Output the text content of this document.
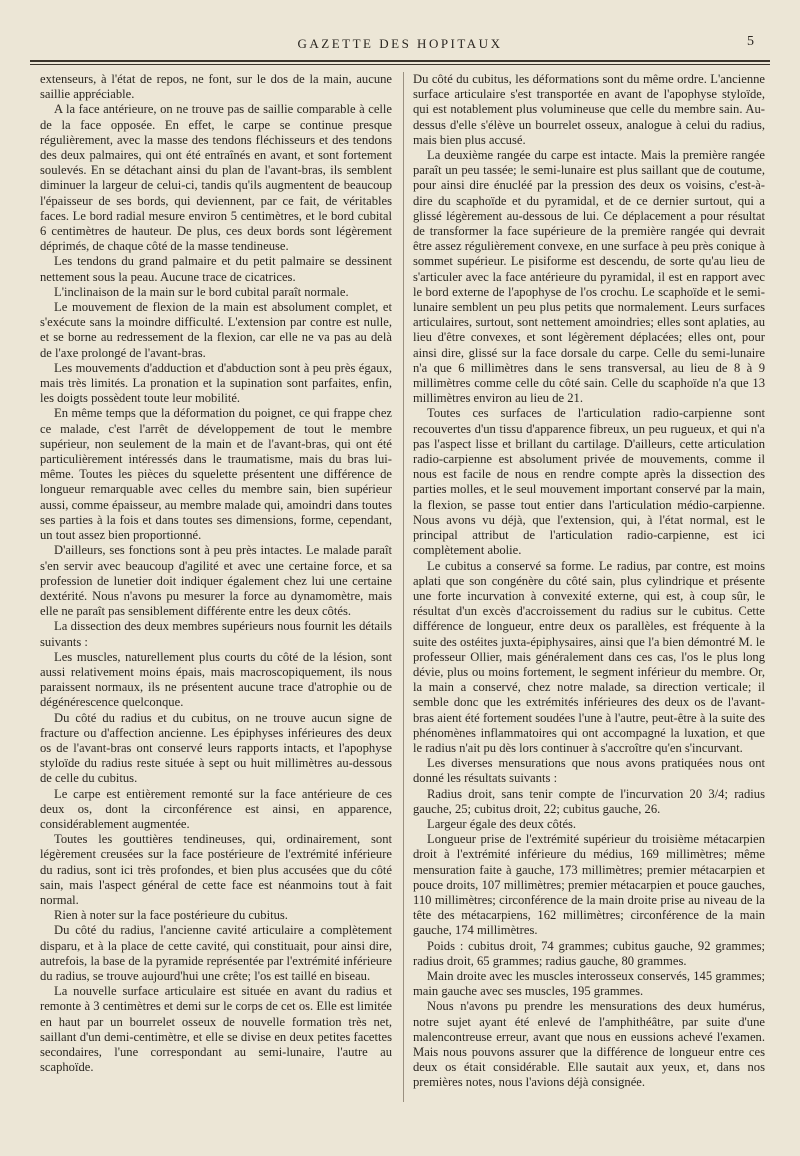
GAZETTE DES HOPITAUX	5

extenseurs, à l'état de repos, ne font, sur le dos de la main, aucune saillie appréciable.

A la face antérieure, on ne trouve pas de saillie comparable à celle de la face opposée. En effet, le carpe se continue presque régulièrement, avec la masse des tendons fléchisseurs et des tendons des deux palmaires, qui ont été entraînés en avant, et sont fortement soulevés. En se détachant ainsi du plan de l'avant-bras, ils semblent diminuer la largeur de celui-ci, tandis qu'ils augmentent de beaucoup l'épaisseur de ses bords, qui deviennent, par ce fait, de véritables faces. Le bord radial mesure environ 5 centimètres, et le bord cubital 6 centimètres de hauteur. De plus, ces deux bords sont légèrement déprimés, de chaque côté de la masse tendineuse.

Les tendons du grand palmaire et du petit palmaire se dessinent nettement sous la peau. Aucune trace de cicatrices.

L'inclinaison de la main sur le bord cubital paraît normale.

Le mouvement de flexion de la main est absolument complet, et s'exécute sans la moindre difficulté. L'extension par contre est nulle, et se borne au redressement de la flexion, car elle ne va pas au delà de l'axe prolongé de l'avant-bras.

Les mouvements d'adduction et d'abduction sont à peu près égaux, mais très limités. La pronation et la supination sont parfaites, enfin, les doigts possèdent toute leur mobilité.

En même temps que la déformation du poignet, ce qui frappe chez ce malade, c'est l'arrêt de développement de tout le membre supérieur, non seulement de la main et de l'avant-bras, qui ont été particulièrement intéressés dans le traumatisme, mais du bras lui-même. Toutes les pièces du squelette présentent une différence de longueur remarquable avec celles du membre sain, bien supérieur aussi, comme épaisseur, au membre malade qui, amoindri dans toutes ses parties à la fois et dans toutes ses dimensions, forme, cependant, un tout assez bien proportionné.

D'ailleurs, ses fonctions sont à peu près intactes. Le malade paraît s'en servir avec beaucoup d'agilité et avec une certaine force, et sa profession de lunetier doit indiquer également chez lui une certaine dextérité. Nous n'avons pu mesurer la force au dynamomètre, mais elle ne paraît pas sensiblement différente entre les deux côtés.

La dissection des deux membres supérieurs nous fournit les détails suivants :

Les muscles, naturellement plus courts du côté de la lésion, sont aussi relativement moins épais, mais macroscopiquement, ils nous paraissent normaux, ils ne présentent aucune trace d'atrophie ou de dégénérescence quelconque.

Du côté du radius et du cubitus, on ne trouve aucun signe de fracture ou d'affection ancienne. Les épiphyses inférieures des deux os de l'avant-bras ont conservé leurs rapports intacts, et l'apophyse styloïde du radius reste située à sept ou huit millimètres au-dessous de celle du cubitus.

Le carpe est entièrement remonté sur la face antérieure de ces deux os, dont la circonférence est ainsi, en apparence, considérablement augmentée.

Toutes les gouttières tendineuses, qui, ordinairement, sont légèrement creusées sur la face postérieure de l'extrémité inférieure du radius, sont ici très profondes, et bien plus accusées que du côté sain, mais l'aspect général de cette face est néanmoins tout à fait normal.

Rien à noter sur la face postérieure du cubitus.

Du côté du radius, l'ancienne cavité articulaire a complètement disparu, et à la place de cette cavité, qui constituait, pour ainsi dire, autrefois, la base de la pyramide représentée par l'extrémité inférieure du radius, se trouve aujourd'hui une crête; l'os est taillé en biseau.

La nouvelle surface articulaire est située en avant du radius et remonte à 3 centimètres et demi sur le corps de cet os. Elle est limitée en haut par un bourrelet osseux de nouvelle formation très net, saillant d'un demi-centimètre, et elle se divise en deux petites facettes secondaires, l'une correspondant au semi-lunaire, l'autre au scaphoïde.

Du côté du cubitus, les déformations sont du même ordre. L'ancienne surface articulaire s'est transportée en avant de l'apophyse styloïde, qui est notablement plus volumineuse que celle du membre sain. Au-dessus d'elle s'élève un bourrelet osseux, analogue à celui du radius, mais bien plus accusé.

La deuxième rangée du carpe est intacte. Mais la première rangée paraît un peu tassée; le semi-lunaire est plus saillant que de coutume, pour ainsi dire énucléé par la pression des deux os voisins, c'est-à-dire du scaphoïde et du pyramidal, et de ce dernier surtout, qui a glissé légèrement au-dessous de lui. Ce déplacement a pour résultat de transformer la face supérieure de la première rangée qui devrait être assez régulièrement convexe, en une surface à peu près conique à sommet supérieur. Le pisiforme est descendu, de sorte qu'au lieu de s'articuler avec la face antérieure du pyramidal, il est en rapport avec le bord externe de l'apophyse de l'os crochu. Le scaphoïde et le semi-lunaire semblent un peu plus petits que normalement. Leurs surfaces articulaires, surtout, sont nettement amoindries; elles sont aplaties, au lieu d'être convexes, et sont légèrement déplacées; elles ont, pour ainsi dire, glissé sur la face dorsale du carpe. Celle du semi-lunaire n'a que 6 millimètres dans le sens transversal, au lieu de 8 à 9 millimètres comme celle du côté sain. Celle du scaphoïde n'a que 13 millimètres environ au lieu de 21.

Toutes ces surfaces de l'articulation radio-carpienne sont recouvertes d'un tissu d'apparence fibreux, un peu rugueux, et qui n'a pas l'aspect lisse et brillant du cartilage. D'ailleurs, cette articulation radio-carpienne est absolument privée de mouvements, comme il nous est facile de nous en rendre compte après la dissection des parties molles, et le seul mouvement important conservé par la main, la flexion, se passe tout entier dans l'articulation médio-carpienne. Nous avons vu déjà, que l'extension, qui, à l'état normal, est le principal attribut de l'articulation radio-carpienne, est ici complètement abolie.

Le cubitus a conservé sa forme. Le radius, par contre, est moins aplati que son congénère du côté sain, plus cylindrique et présente une forte incurvation à convexité externe, qui est, à coup sûr, le résultat d'un excès d'accroissement du radius sur le cubitus. Cette différence de longueur, entre deux os parallèles, est fréquente à la suite des ostéites juxta-épiphysaires, ainsi que l'a bien démontré M. le professeur Ollier, mais généralement dans ces cas, l'os le plus long dévie, plus ou moins fortement, le segment inférieur du membre. Or, la main a conservé, chez notre malade, sa direction verticale; il semble donc que les extrémités inférieures des deux os de l'avant-bras aient été fortement soudées l'une à l'autre, peut-être à la suite des phénomènes inflammatoires qui ont accompagné la luxation, et que le radius n'ait pu dès lors continuer à s'accroître qu'en s'incurvant.

Les diverses mensurations que nous avons pratiquées nous ont donné les résultats suivants :

Radius droit, sans tenir compte de l'incurvation 20 3/4; radius gauche, 25; cubitus droit, 22; cubitus gauche, 26.

Largeur égale des deux côtés.

Longueur prise de l'extrémité supérieur du troisième métacarpien droit à l'extrémité inférieure du médius, 169 millimètres; même mensuration faite à gauche, 173 millimètres; premier métacarpien et pouce droits, 107 millimètres; premier métacarpien et pouce gauches, 110 millimètres; circonférence de la main droite prise au niveau de la tête des métacarpiens, 162 millimètres; circonférence de la main gauche, 174 millimètres.

Poids : cubitus droit, 74 grammes; cubitus gauche, 92 grammes; radius droit, 65 grammes; radius gauche, 80 grammes.

Main droite avec les muscles interosseux conservés, 145 grammes; main gauche avec ses muscles, 195 grammes.

Nous n'avons pu prendre les mensurations des deux humérus, notre sujet ayant été enlevé de l'amphithéâtre, par suite d'une malencontreuse erreur, avant que nous en eussions achevé l'examen. Mais nous pouvons assurer que la différence de longueur entre ces deux os était considérable. Elle sautait aux yeux, et, dans nos premières notes, nous l'avions déjà consignée.
